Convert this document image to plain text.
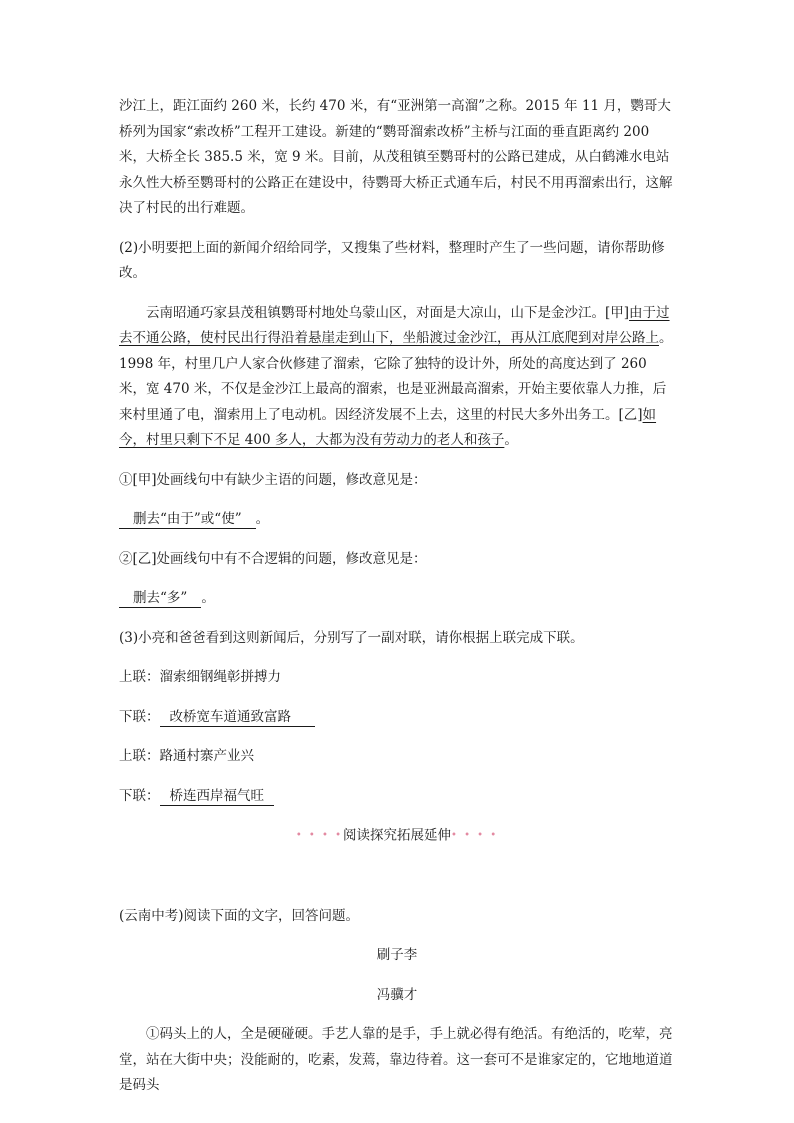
沙江上，距江面约 260 米，长约 470 米，有“亚洲第一高溜”之称。2015 年 11 月，鹦哥大桥列为国家“索改桥”工程开工建设。新建的“鹦哥溜索改桥”主桥与江面的垂直距离约 200 米，大桥全长 385.5 米，宽 9 米。目前，从茂租镇至鹦哥村的公路已建成，从白鹤滩水电站永久性大桥至鹦哥村的公路正在建设中，待鹦哥大桥正式通车后，村民不用再溜索出行，这解决了村民的出行难题。

(2)小明要把上面的新闻介绍给同学，又搜集了些材料，整理时产生了一些问题，请你帮助修改。

云南昭通巧家县茂租镇鹦哥村地处乌蒙山区，对面是大凉山，山下是金沙江。[甲]由于过去不通公路，使村民出行得沿着悬崖走到山下，坐船渡过金沙江，再从江底爬到对岸公路上。1998 年，村里几户人家合伙修建了溜索，它除了独特的设计外，所处的高度达到了 260 米，宽 470 米，不仅是金沙江上最高的溜索，也是亚洲最高溜索，开始主要依靠人力推，后来村里通了电，溜索用上了电动机。因经济发展不上去，这里的村民大多外出务工。[乙]如今，村里只剩下不足 400 多人，大都为没有劳动力的老人和孩子。

①[甲]处画线句中有缺少主语的问题，修改意见是：

删去“由于”或“使” 。

②[乙]处画线句中有不合逻辑的问题，修改意见是：

删去“多” 。

(3)小亮和爸爸看到这则新闻后，分别写了一副对联，请你根据上联完成下联。

上联：溜索细钢绳彰拼搏力

下联： 改桥宽车道通致富路

上联：路通村寨产业兴

下联： 桥连西岸福气旺

• • • •阅读探究拓展延伸• • • •

(云南中考)阅读下面的文字，回答问题。

刷子李

冯骥才

①码头上的人，全是硬碰硬。手艺人靠的是手，手上就必得有绝活。有绝活的，吃荤，亮堂，站在大街中央；没能耐的，吃素，发蔫，靠边待着。这一套可不是谁家定的，它地地道道是码头
